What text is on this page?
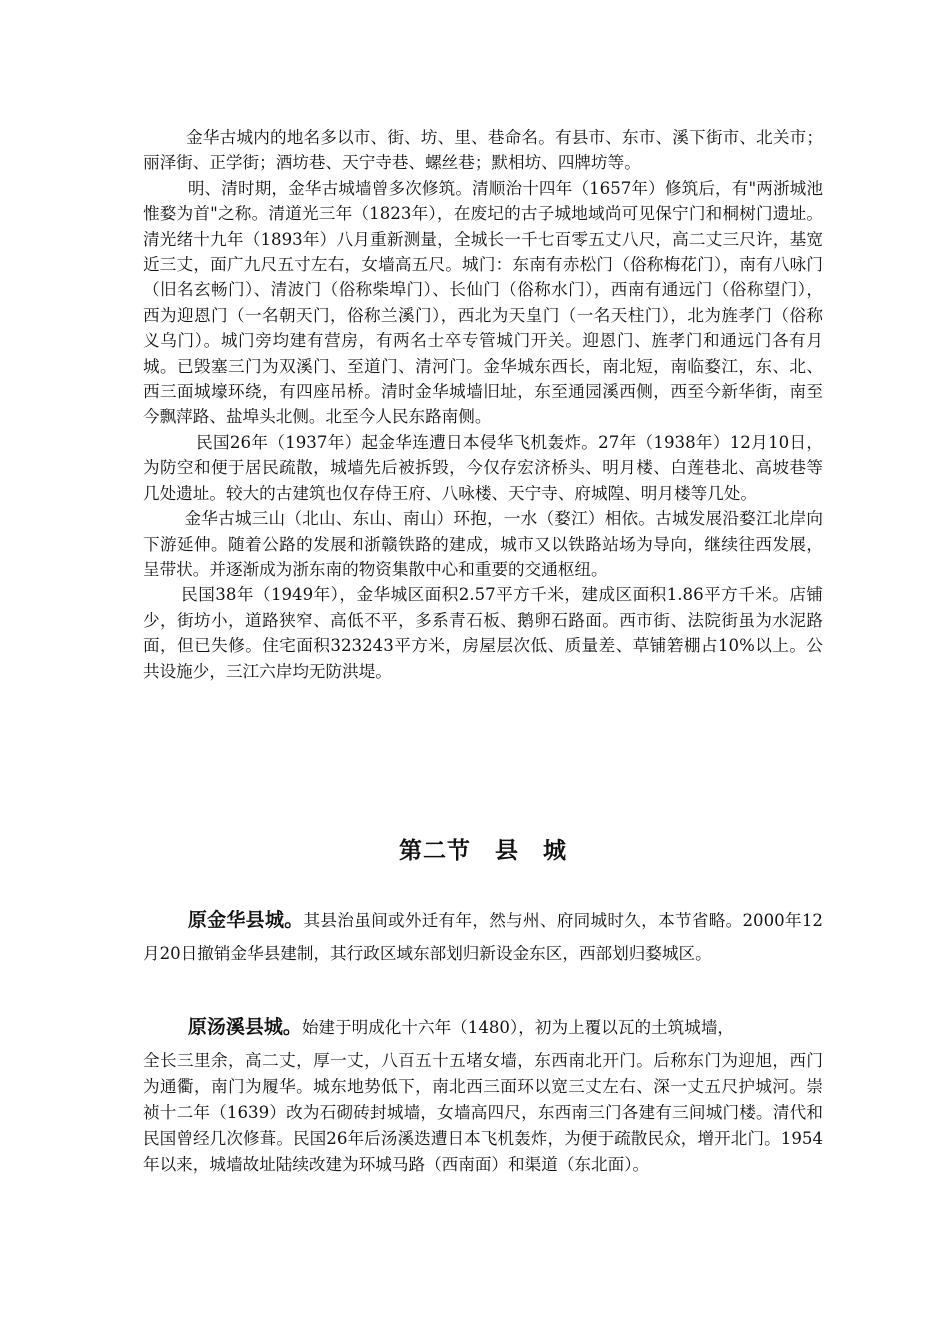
金华古城内的地名多以市、街、坊、里、巷命名。有县市、东市、溪下街市、北关市；丽泽街、正学街；酒坊巷、天宁寺巷、螺丝巷；默相坊、四牌坊等。

明、清时期，金华古城墙曾多次修筑。清顺治十四年（1657年）修筑后，有"两浙城池惟婺为首"之称。清道光三年（1823年），在废圮的古子城地域尚可见保宁门和桐树门遗址。清光绪十九年（1893年）八月重新测量，全城长一千七百零五丈八尺，高二丈三尺许，基宽近三丈，面广九尺五寸左右，女墙高五尺。城门：东南有赤松门（俗称梅花门），南有八咏门（旧名玄畅门）、清波门（俗称柴埠门）、长仙门（俗称水门），西南有通远门（俗称望门），西为迎恩门（一名朝天门，俗称兰溪门），西北为天皇门（一名天柱门），北为旌孝门（俗称义乌门）。城门旁均建有营房，有两名士卒专管城门开关。迎恩门、旌孝门和通远门各有月城。已毁塞三门为双溪门、至道门、清河门。金华城东西长，南北短，南临婺江，东、北、西三面城壕环绕，有四座吊桥。清时金华城墙旧址，东至通园溪西侧，西至今新华街，南至今飘萍路、盐埠头北侧。北至今人民东路南侧。

民国26年（1937年）起金华连遭日本侵华飞机轰炸。27年（1938年）12月10日，为防空和便于居民疏散，城墙先后被拆毁，今仅存宏济桥头、明月楼、白莲巷北、高坡巷等几处遗址。较大的古建筑也仅存侍王府、八咏楼、天宁寺、府城隍、明月楼等几处。

金华古城三山（北山、东山、南山）环抱，一水（婺江）相依。古城发展沿婺江北岸向下游延伸。随着公路的发展和浙赣铁路的建成，城市又以铁路站场为导向，继续往西发展，呈带状。并逐渐成为浙东南的物资集散中心和重要的交通枢纽。

民国38年（1949年），金华城区面积2.57平方千米，建成区面积1.86平方千米。店铺少，街坊小，道路狭窄、高低不平，多系青石板、鹅卵石路面。西市街、法院街虽为水泥路面，但已失修。住宅面积323243平方米，房屋层次低、质量差、草铺箬棚占10%以上。公共设施少，三江六岸均无防洪堤。

第二节　县　城
原金华县城。其县治虽间或外迁有年，然与州、府同城时久，本节省略。2000年12月20日撤销金华县建制，其行政区域东部划归新设金东区，西部划归婺城区。
原汤溪县城。始建于明成化十六年（1480），初为上覆以瓦的土筑城墙，
全长三里余，高二丈，厚一丈，八百五十五堵女墙，东西南北开门。后称东门为迎旭，西门为通衢，南门为履华。城东地势低下，南北西三面环以宽三丈左右、深一丈五尺护城河。崇祯十二年（1639）改为石砌砖封城墙，女墙高四尺，东西南三门各建有三间城门楼。清代和民国曾经几次修葺。民国26年后汤溪迭遭日本飞机轰炸，为便于疏散民众，增开北门。1954年以来，城墙故址陆续改建为环城马路（西南面）和渠道（东北面）。
